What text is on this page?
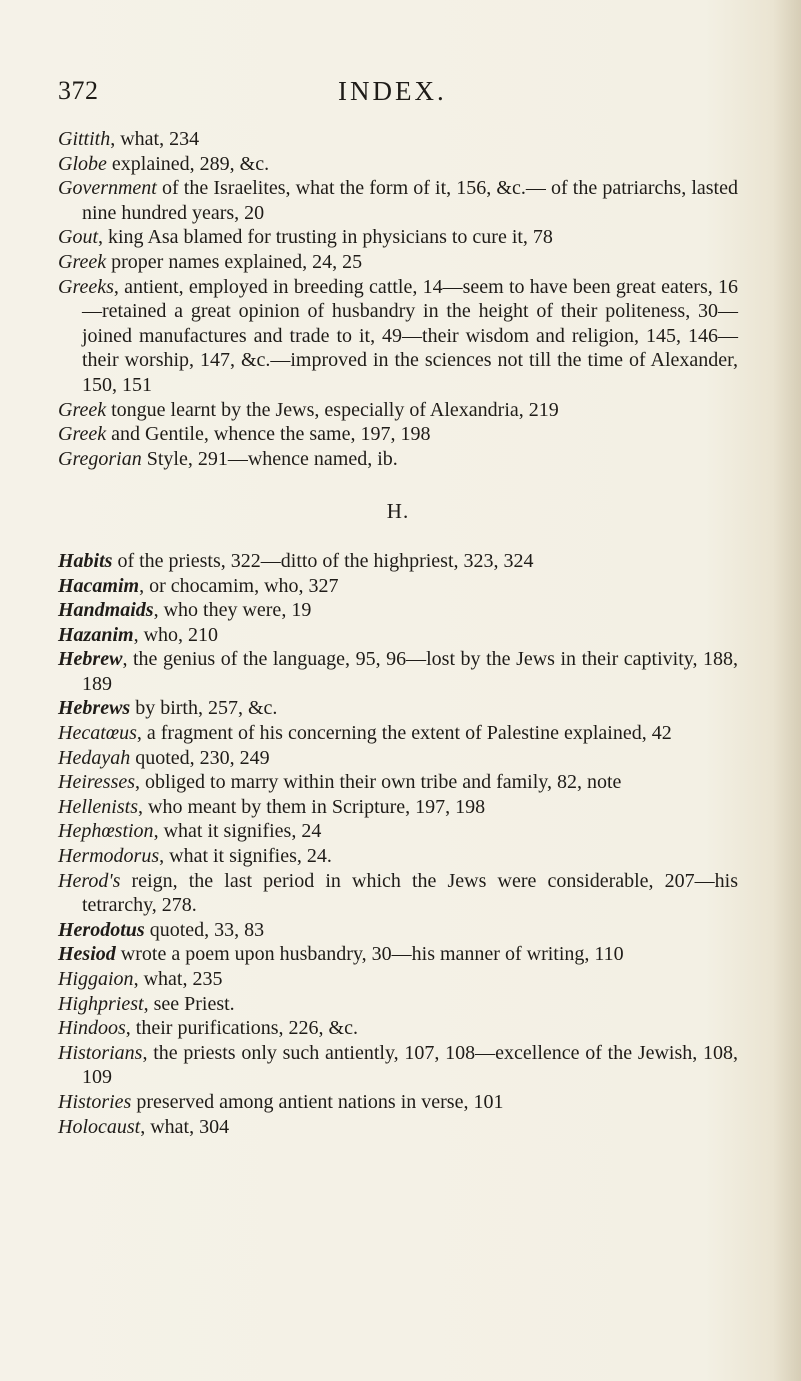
372	INDEX.

Gittith, what, 234

Globe explained, 289, &c.

Government of the Israelites, what the form of it, 156, &c.— of the patriarchs, lasted nine hundred years, 20

Gout, king Asa blamed for trusting in physicians to cure it, 78

Greek proper names explained, 24, 25

Greeks, antient, employed in breeding cattle, 14—seem to have been great eaters, 16—retained a great opinion of husbandry in the height of their politeness, 30—joined manufactures and trade to it, 49—their wisdom and religion, 145, 146—their worship, 147, &c.—improved in the sciences not till the time of Alexander, 150, 151

Greek tongue learnt by the Jews, especially of Alexandria, 219

Greek and Gentile, whence the same, 197, 198

Gregorian Style, 291—whence named, ib.

H.

Habits of the priests, 322—ditto of the highpriest, 323, 324

Hacamim, or chocamim, who, 327

Handmaids, who they were, 19

Hazanim, who, 210

Hebrew, the genius of the language, 95, 96—lost by the Jews in their captivity, 188, 189

Hebrews by birth, 257, &c.

Hecatœus, a fragment of his concerning the extent of Palestine explained, 42

Hedayah quoted, 230, 249

Heiresses, obliged to marry within their own tribe and family, 82, note

Hellenists, who meant by them in Scripture, 197, 198

Hephœstion, what it signifies, 24

Hermodorus, what it signifies, 24.

Herod's reign, the last period in which the Jews were considerable, 207—his tetrarchy, 278.

Herodotus quoted, 33, 83

Hesiod wrote a poem upon husbandry, 30—his manner of writing, 110

Higgaion, what, 235

Highpriest, see Priest.

Hindoos, their purifications, 226, &c.

Historians, the priests only such antiently, 107, 108—excellence of the Jewish, 108, 109

Histories preserved among antient nations in verse, 101

Holocaust, what, 304
